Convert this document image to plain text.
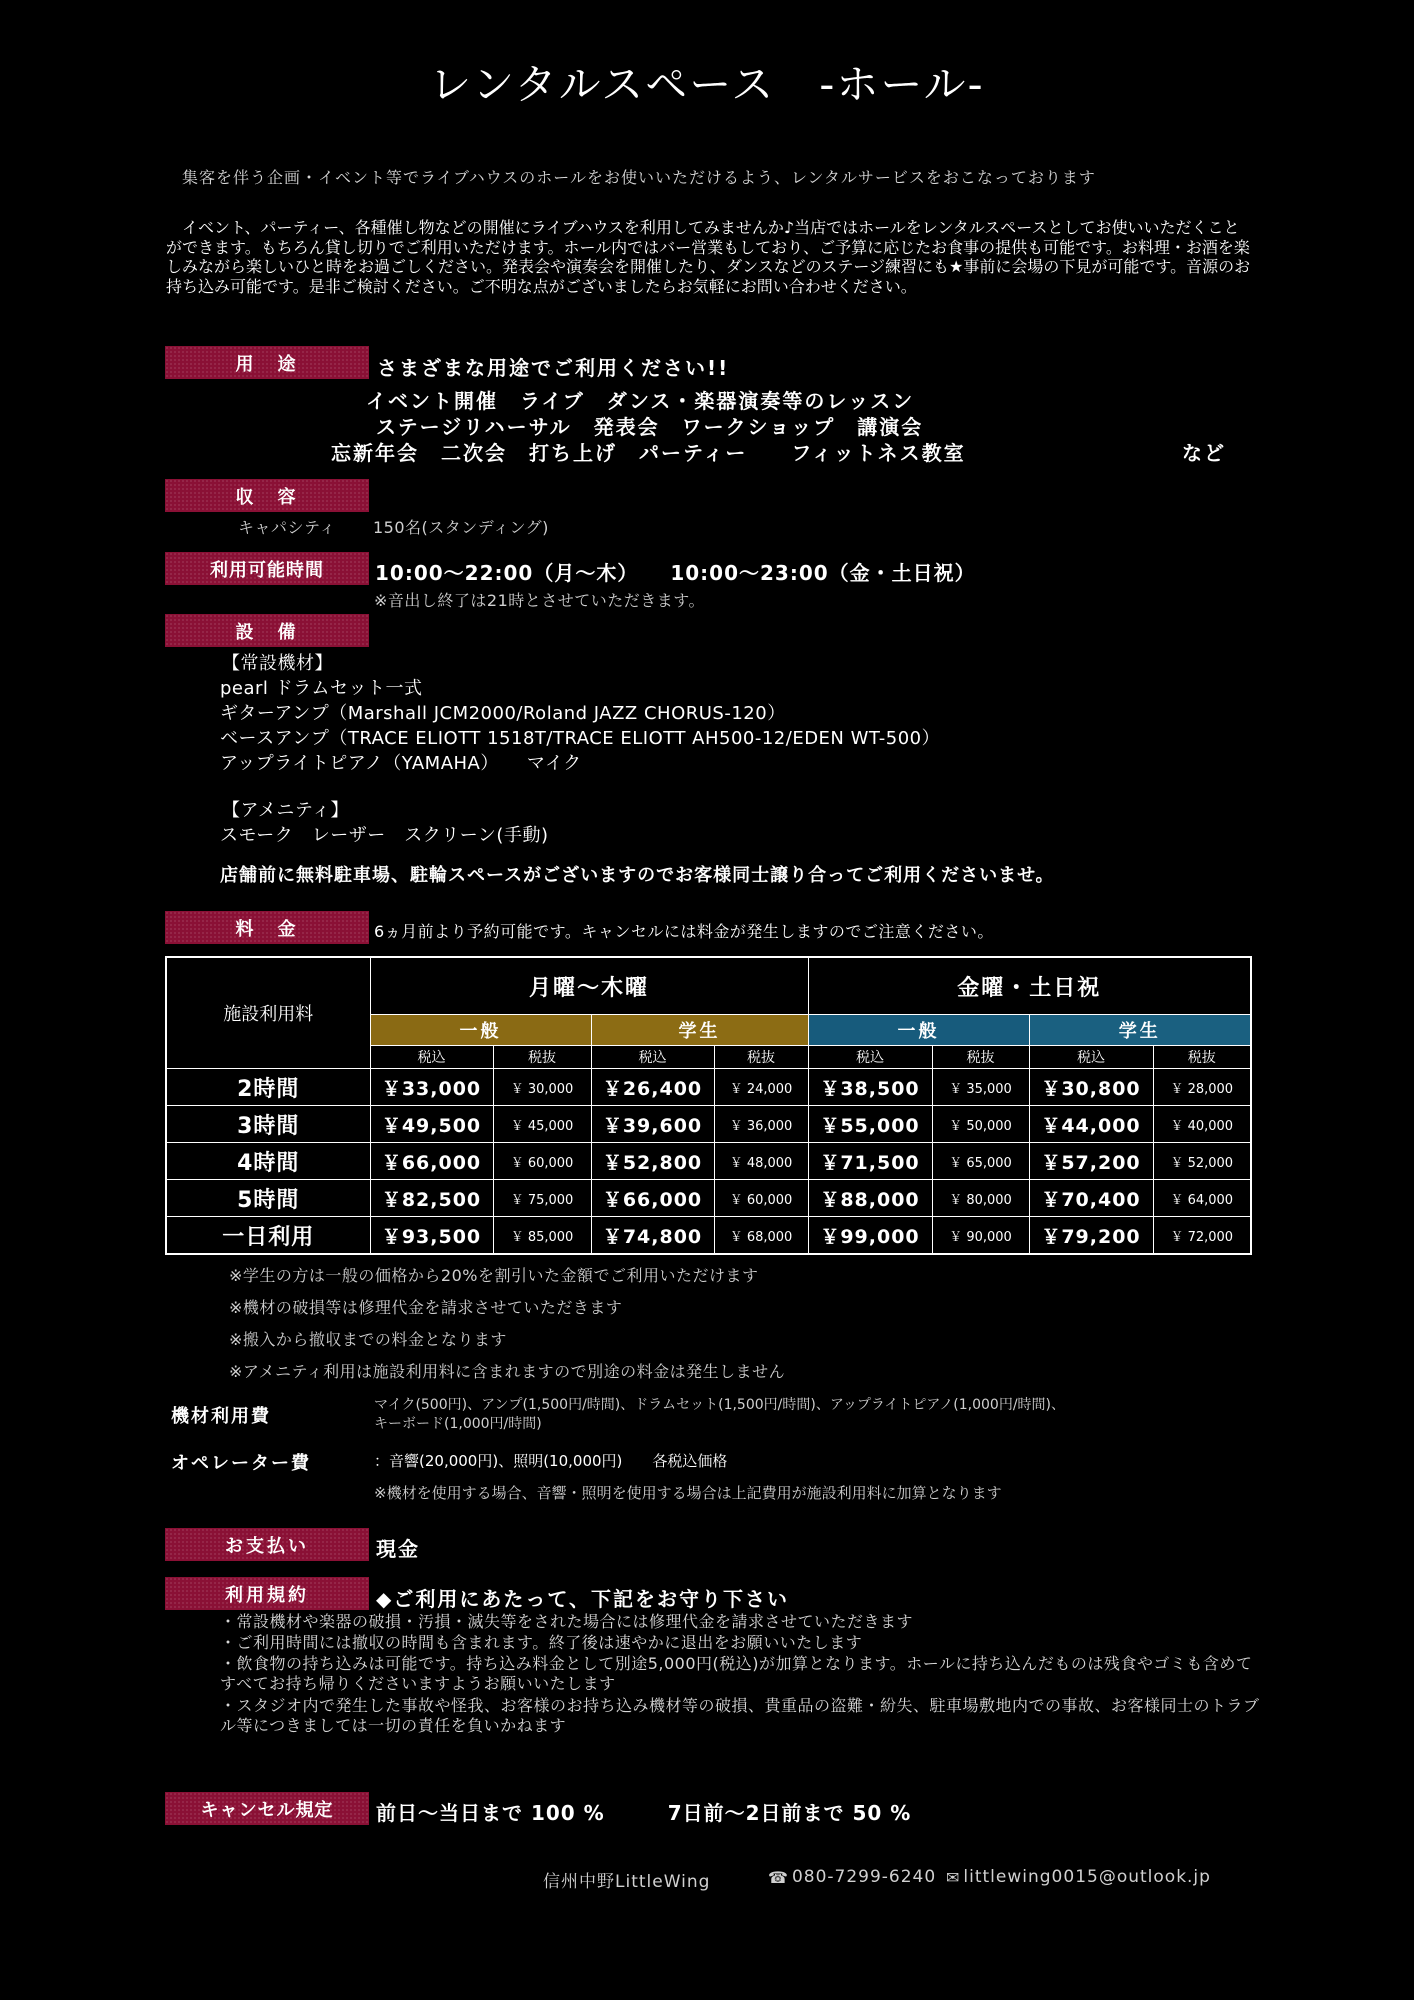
レンタルスペース　-ホール-
集客を伴う企画・イベント等でライブハウスのホールをお使いいただけるよう、レンタルサービスをおこなっております
　イベント、パーティー、各種催し物などの開催にライブハウスを利用してみませんか♪当店ではホールをレンタルスペースとしてお使いいただくことができます。もちろん貸し切りでご利用いただけます。ホール内ではバー営業もしており、ご予算に応じたお食事の提供も可能です。お料理・お酒を楽しみながら楽しいひと時をお過ごしください。発表会や演奏会を開催したり、ダンスなどのステージ練習にも★事前に会場の下見が可能です。音源のお持ち込み可能です。是非ご検討ください。ご不明な点がございましたらお気軽にお問い合わせください。
用　途	さまざまな用途でご利用ください!!
イベント開催　ライブ　ダンス・楽器演奏等のレッスン
ステージリハーサル　発表会　ワークショップ　講演会
忘新年会　二次会　打ち上げ　パーティー　　フィットネス教室	など
収　容
キャパシティ 150名(スタンディング)
利用可能時間	10:00～22:00（月～木）　　10:00～23:00（金・土日祝）
※音出し終了は21時とさせていただきます。
設　備
【常設機材】
pearl ドラムセット一式
ギターアンプ（Marshall JCM2000/Roland JAZZ CHORUS-120）
ベースアンプ（TRACE ELIOTT 1518T/TRACE ELIOTT AH500-12/EDEN WT-500）
アップライトピアノ（YAMAHA）　　マイク
【アメニティ】
スモーク　レーザー　スクリーン(手動)
店舗前に無料駐車場、駐輪スペースがございますのでお客様同士譲り合ってご利用くださいませ。
料　金	6ヵ月前より予約可能です。キャンセルには料金が発生しますのでご注意ください。
施設利用料	月曜～木曜				金曜・土日祝			
	一般		学生		一般		学生	
	税込	税抜	税込	税抜	税込	税抜	税込	税抜
2時間	￥33,000	￥ 30,000	￥26,400	￥ 24,000	￥38,500	￥ 35,000	￥30,800	￥ 28,000
3時間	￥49,500	￥ 45,000	￥39,600	￥ 36,000	￥55,000	￥ 50,000	￥44,000	￥ 40,000
4時間	￥66,000	￥ 60,000	￥52,800	￥ 48,000	￥71,500	￥ 65,000	￥57,200	￥ 52,000
5時間	￥82,500	￥ 75,000	￥66,000	￥ 60,000	￥88,000	￥ 80,000	￥70,400	￥ 64,000
一日利用	￥93,500	￥ 85,000	￥74,800	￥ 68,000	￥99,000	￥ 90,000	￥79,200	￥ 72,000
※学生の方は一般の価格から20%を割引いた金額でご利用いただけます
※機材の破損等は修理代金を請求させていただきます
※搬入から撤収までの料金となります
※アメニティ利用は施設利用料に含まれますので別途の料金は発生しません
機材利用費
マイク(500円)、アンプ(1,500円/時間)、ドラムセット(1,500円/時間)、アップライトピアノ(1,000円/時間)、
キーボード(1,000円/時間)
オペレーター費	：音響(20,000円)、照明(10,000円)　　各税込価格
※機材を使用する場合、音響・照明を使用する場合は上記費用が施設利用料に加算となります
お支払い	現金
利用規約	◆ご利用にあたって、下記をお守り下さい
・常設機材や楽器の破損・汚損・滅失等をされた場合には修理代金を請求させていただきます
・ご利用時間には撤収の時間も含まれます。終了後は速やかに退出をお願いいたします
・飲食物の持ち込みは可能です。持ち込み料金として別途5,000円(税込)が加算となります。ホールに持ち込んだものは残食やゴミも含めてすべてお持ち帰りくださいますようお願いいたします
・スタジオ内で発生した事故や怪我、お客様のお持ち込み機材等の破損、貴重品の盗難・紛失、駐車場敷地内での事故、お客様同士のトラブル等につきましては一切の責任を負いかねます
キャンセル規定	前日～当日まで 100 %　　　7日前～2日前まで 50 %
信州中野LittleWing	☎ 080-7299-6240 ✉ littlewing0015@outlook.jp
